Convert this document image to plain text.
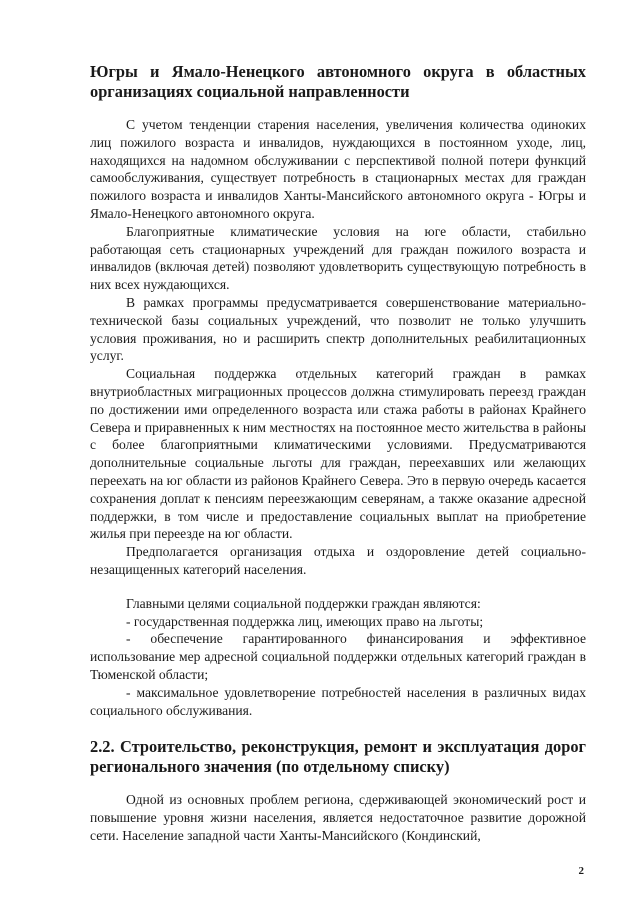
Югры и Ямало-Ненецкого автономного округа в областных организациях социальной направленности

С учетом тенденции старения населения, увеличения количества одиноких лиц пожилого возраста и инвалидов, нуждающихся в постоянном уходе, лиц, находящихся на надомном обслуживании с перспективой полной потери функций самообслуживания, существует потребность в стационарных местах для граждан пожилого возраста и инвалидов Ханты-Мансийского автономного округа - Югры и Ямало-Ненецкого автономного округа.

Благоприятные климатические условия на юге области, стабильно работающая сеть стационарных учреждений для граждан пожилого возраста и инвалидов (включая детей) позволяют удовлетворить существующую потребность в них всех нуждающихся.

В рамках программы предусматривается совершенствование материально-технической базы социальных учреждений, что позволит не только улучшить условия проживания, но и расширить спектр дополнительных реабилитационных услуг.

Социальная поддержка отдельных категорий граждан в рамках внутриобластных миграционных процессов должна стимулировать переезд граждан по достижении ими определенного возраста или стажа работы в районах Крайнего Севера и приравненных к ним местностях на постоянное место жительства в районы с более благоприятными климатическими условиями. Предусматриваются дополнительные социальные льготы для граждан, переехавших или желающих переехать на юг области из районов Крайнего Севера. Это в первую очередь касается сохранения доплат к пенсиям переезжающим северянам, а также оказание адресной поддержки, в том числе и предоставление социальных выплат на приобретение жилья при переезде на юг области.

Предполагается организация отдыха и оздоровление детей социально-незащищенных категорий населения.

Главными целями социальной поддержки граждан являются:

- государственная поддержка лиц, имеющих право на льготы;

- обеспечение гарантированного финансирования и эффективное использование мер адресной социальной поддержки отдельных категорий граждан в Тюменской области;

- максимальное удовлетворение потребностей населения в различных видах социального обслуживания.

2.2. Строительство, реконструкция, ремонт и эксплуатация дорог регионального значения (по отдельному списку)

Одной из основных проблем региона, сдерживающей экономический рост и повышение уровня жизни населения, является недостаточное развитие дорожной сети. Население западной части Ханты-Мансийского (Кондинский,

2
